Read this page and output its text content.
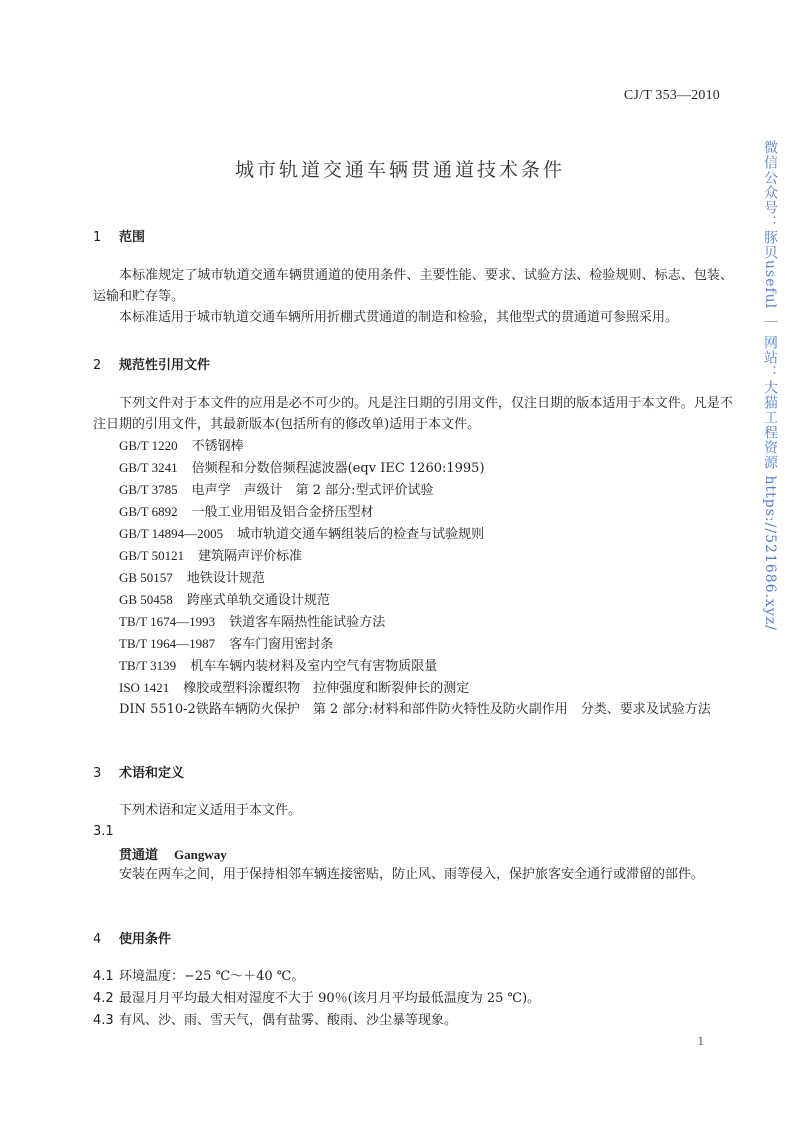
CJ/T 353—2010
城市轨道交通车辆贯通道技术条件	微信公众号：豚贝useful ｜ 网站：大猫工程资源 https://521686.xyz/
1 范围
本标准规定了城市轨道交通车辆贯通道的使用条件、主要性能、要求、试验方法、检验规则、标志、包装、运输和贮存等。
本标准适用于城市轨道交通车辆所用折棚式贯通道的制造和检验，其他型式的贯通道可参照采用。
2 规范性引用文件
下列文件对于本文件的应用是必不可少的。凡是注日期的引用文件，仅注日期的版本适用于本文件。凡是不注日期的引用文件，其最新版本(包括所有的修改单)适用于本文件。
GB/T 1220 不锈钢棒
GB/T 3241 倍频程和分数倍频程滤波器(eqv IEC 1260:1995)
GB/T 3785 电声学　声级计　第 2 部分:型式评价试验
GB/T 6892 一般工业用铝及铝合金挤压型材
GB/T 14894—2005 城市轨道交通车辆组装后的检查与试验规则
GB/T 50121 建筑隔声评价标准
GB 50157 地铁设计规范
GB 50458 跨座式单轨交通设计规范
TB/T 1674—1993 铁道客车隔热性能试验方法
TB/T 1964—1987 客车门窗用密封条
TB/T 3139 机车车辆内装材料及室内空气有害物质限量
ISO 1421 橡胶或塑料涂覆织物　拉伸强度和断裂伸长的测定
DIN 5510-2铁路车辆防火保护　第 2 部分:材料和部件防火特性及防火副作用　分类、要求及试验方法
3 术语和定义
下列术语和定义适用于本文件。
3.1
贯通道 Gangway
安装在两车之间，用于保持相邻车辆连接密贴，防止风、雨等侵入，保护旅客安全通行或滞留的部件。
4 使用条件
4.1 环境温度：−25 ℃～＋40 ℃。
4.2 最湿月月平均最大相对湿度不大于 90％(该月月平均最低温度为 25 ℃)。
4.3 有风、沙、雨、雪天气，偶有盐雾、酸雨、沙尘暴等现象。
1
